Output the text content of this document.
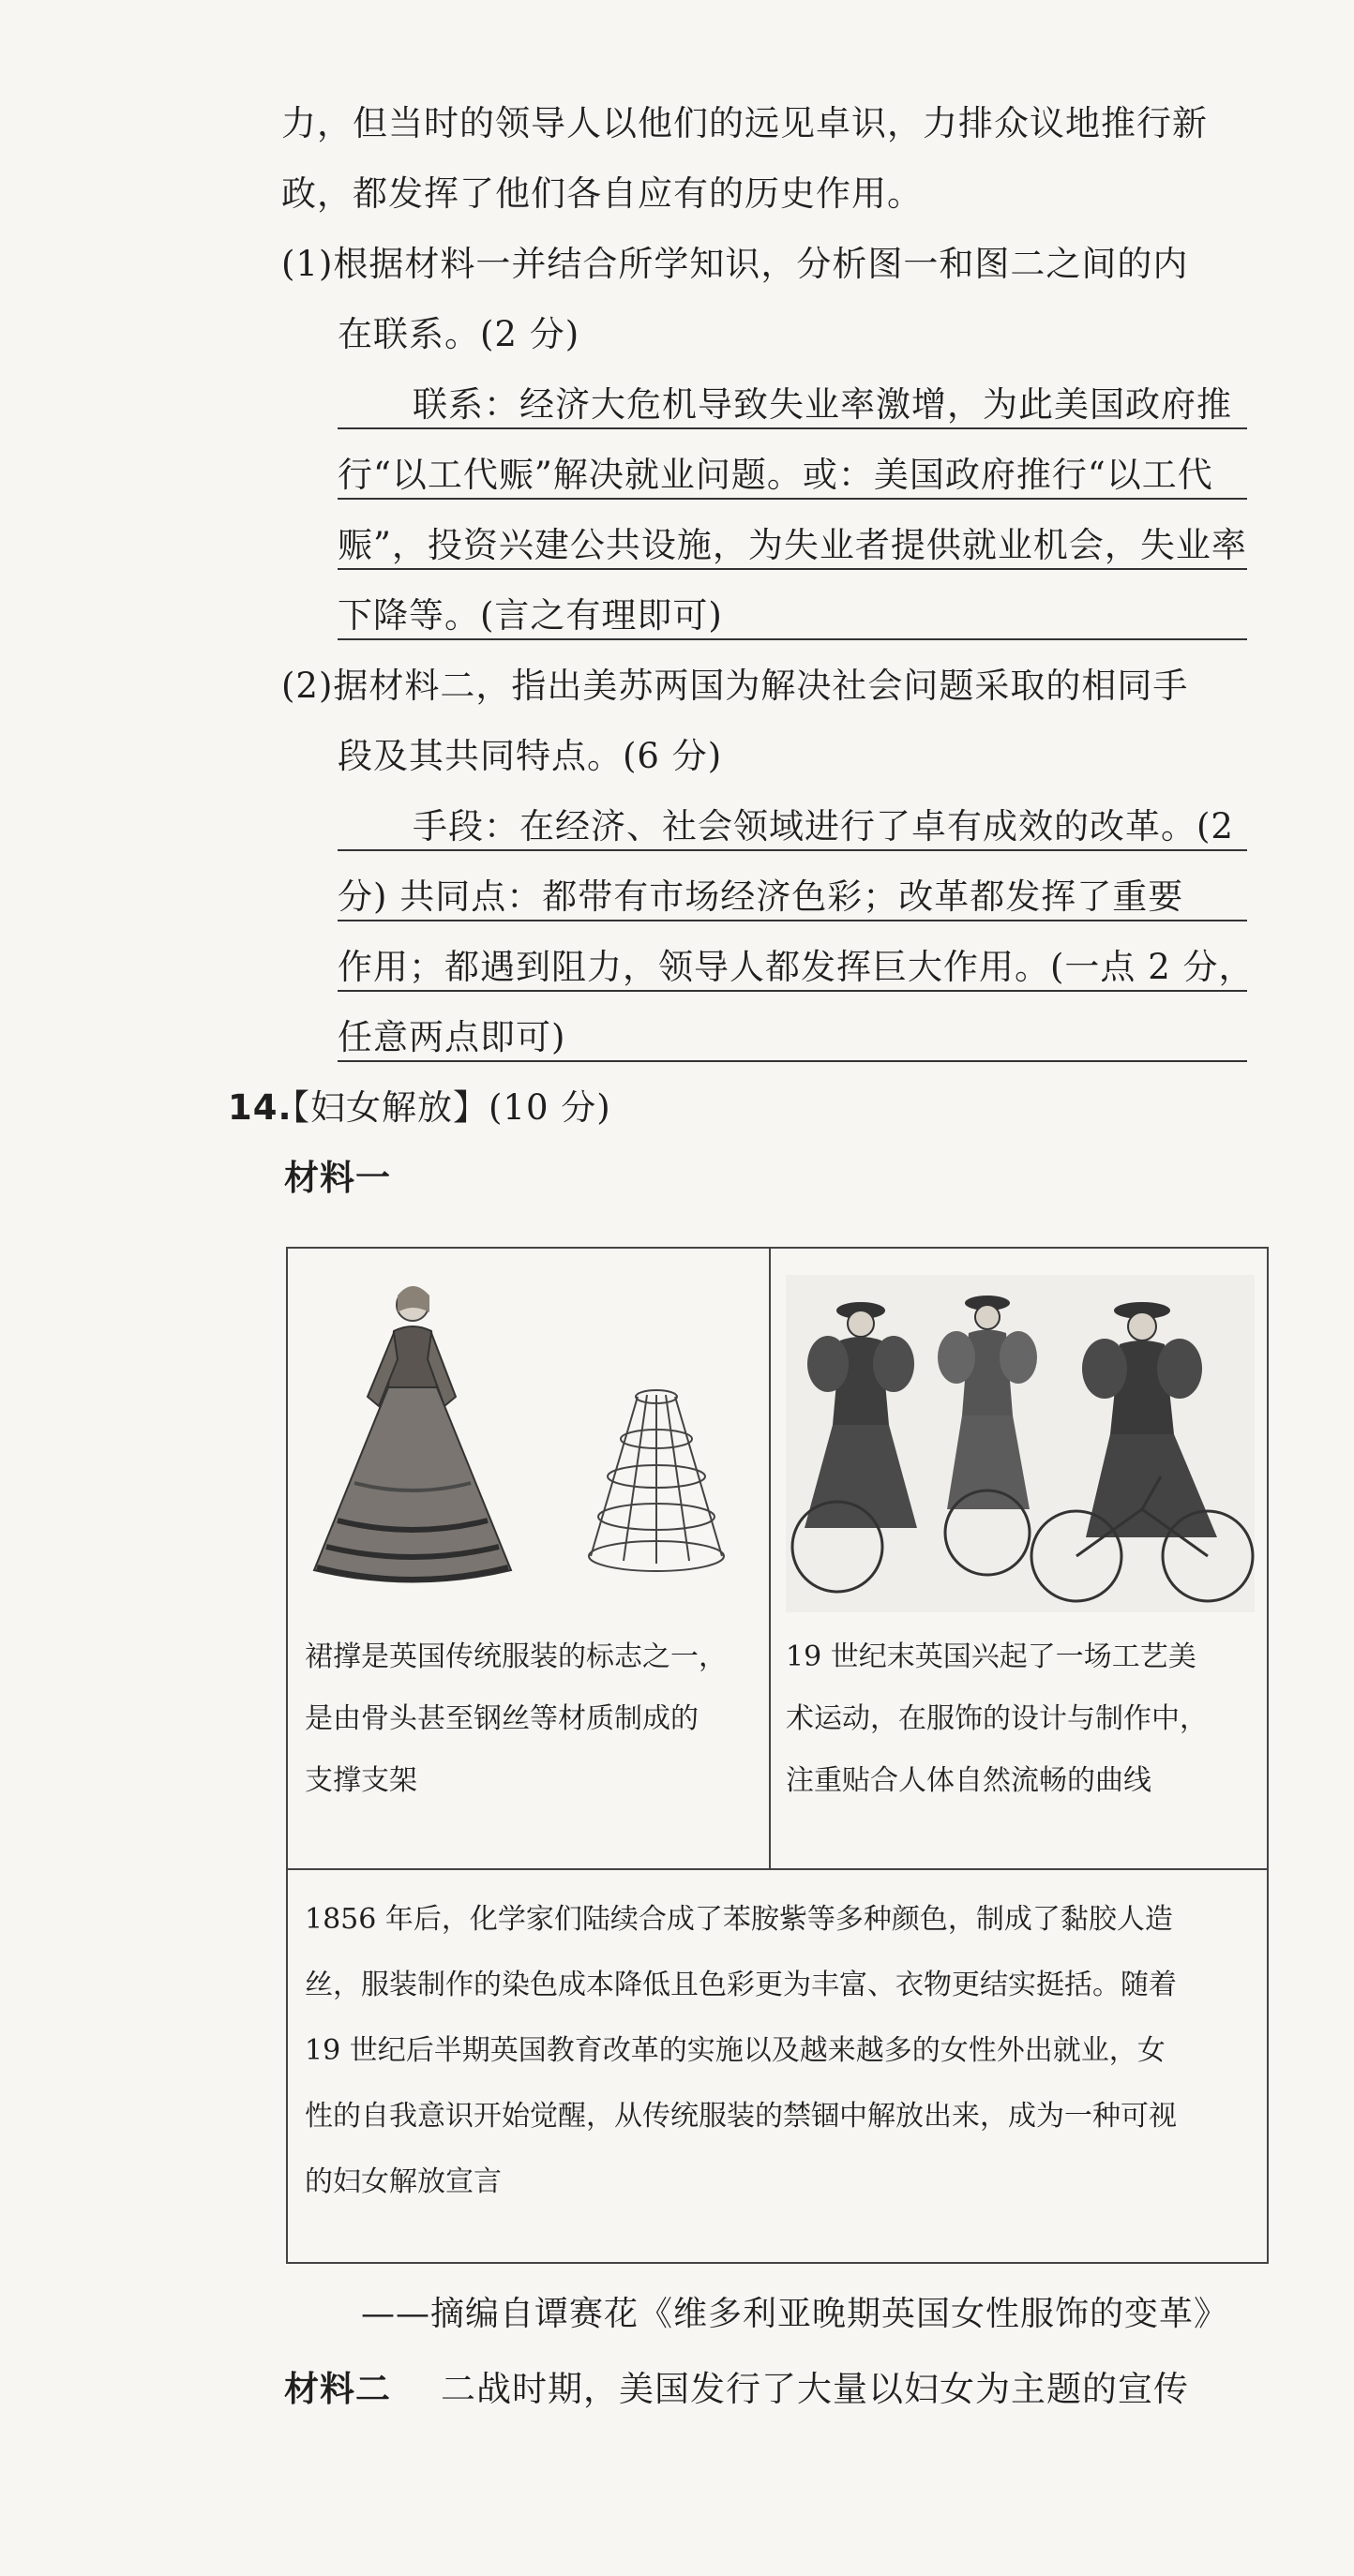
力，但当时的领导人以他们的远见卓识，力排众议地推行新
政，都发挥了他们各自应有的历史作用。
(1)根据材料一并结合所学知识，分析图一和图二之间的内
在联系。(2 分)
联系：经济大危机导致失业率激增，为此美国政府推
行“以工代赈”解决就业问题。或：美国政府推行“以工代
赈”，投资兴建公共设施，为失业者提供就业机会，失业率
下降等。(言之有理即可)
(2)据材料二，指出美苏两国为解决社会问题采取的相同手
段及其共同特点。(6 分)
手段：在经济、社会领域进行了卓有成效的改革。(2
分) 共同点：都带有市场经济色彩；改革都发挥了重要
作用；都遇到阻力，领导人都发挥巨大作用。(一点 2 分，
任意两点即可)
14.
【妇女解放】(10 分)
材料一
裙撑是英国传统服装的标志之一，
是由骨头甚至钢丝等材质制成的
支撑支架
19 世纪末英国兴起了一场工艺美
术运动，在服饰的设计与制作中，
注重贴合人体自然流畅的曲线
1856 年后，化学家们陆续合成了苯胺紫等多种颜色，制成了黏胶人造
丝，服装制作的染色成本降低且色彩更为丰富、衣物更结实挺括。随着
19 世纪后半期英国教育改革的实施以及越来越多的女性外出就业，女
性的自我意识开始觉醒，从传统服装的禁锢中解放出来，成为一种可视
的妇女解放宣言
——摘编自谭赛花《维多利亚晚期英国女性服饰的变革》
材料二 二战时期，美国发行了大量以妇女为主题的宣传
